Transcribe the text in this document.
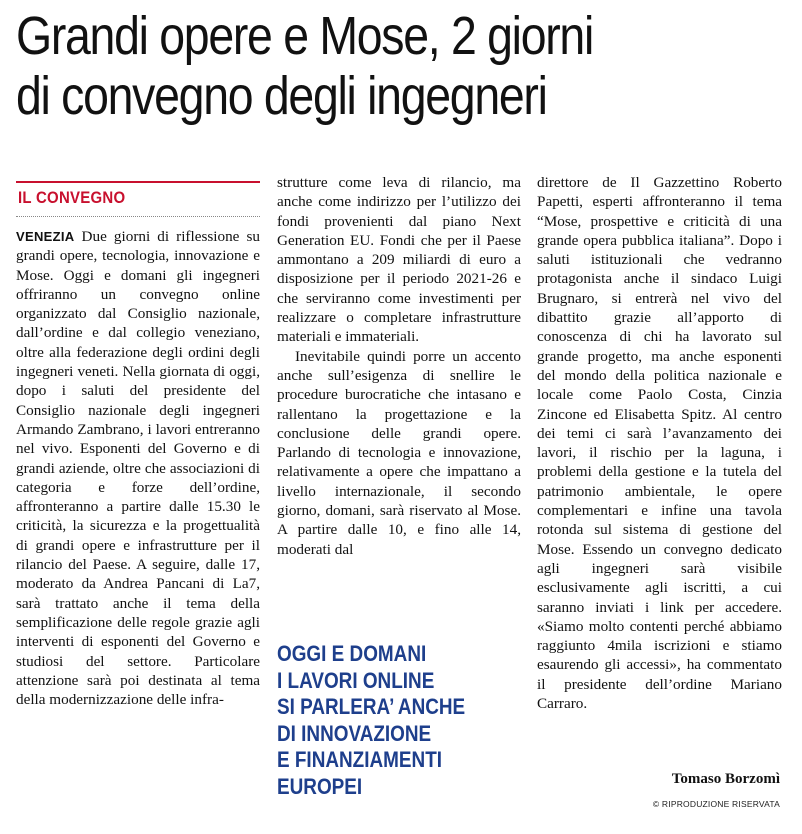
Grandi opere e Mose, 2 giorni
di convegno degli ingegneri
IL CONVEGNO

VENEZIA Due giorni di riflessione su grandi opere, tecnologia, innovazione e Mose. Oggi e domani gli ingegneri offriranno un convegno online organizzato dal Consiglio nazionale, dall’ordine e dal collegio veneziano, oltre alla federazione degli ordini degli ingegneri veneti. Nella giornata di oggi, dopo i saluti del presidente del Consiglio nazionale degli ingegneri Armando Zambrano, i lavori entreranno nel vivo. Esponenti del Governo e di grandi aziende, oltre che associazioni di categoria e forze dell’ordine, affronteranno a partire dalle 15.30 le criticità, la sicurezza e la progettualità di grandi opere e infrastrutture per il rilancio del Paese. A seguire, dalle 17, moderato da Andrea Pancani di La7, sarà trattato anche il tema della semplificazione delle regole grazie agli interventi di esponenti del Governo e studiosi del settore. Particolare attenzione sarà poi destinata al tema della modernizzazione delle infra-

strutture come leva di rilancio, ma anche come indirizzo per l’utilizzo dei fondi provenienti dal piano Next Generation EU. Fondi che per il Paese ammontano a 209 miliardi di euro a disposizione per il periodo 2021-26 e che serviranno come investimenti per realizzare o completare infrastrutture materiali e immateriali.

Inevitabile quindi porre un accento anche sull’esigenza di snellire le procedure burocratiche che intasano e rallentano la progettazione e la conclusione delle grandi opere. Parlando di tecnologia e innovazione, relativamente a opere che impattano a livello internazionale, il secondo giorno, domani, sarà riservato al Mose. A partire dalle 10, e fino alle 14, moderati dal

direttore de Il Gazzettino Roberto Papetti, esperti affronteranno il tema “Mose, prospettive e criticità di una grande opera pubblica italiana”. Dopo i saluti istituzionali che vedranno protagonista anche il sindaco Luigi Brugnaro, si entrerà nel vivo del dibattito grazie all’apporto di conoscenza di chi ha lavorato sul grande progetto, ma anche esponenti del mondo della politica nazionale e locale come Paolo Costa, Cinzia Zincone ed Elisabetta Spitz. Al centro dei temi ci sarà l’avanzamento dei lavori, il rischio per la laguna, i problemi della gestione e la tutela del patrimonio ambientale, le opere complementari e infine una tavola rotonda sul sistema di gestione del Mose. Essendo un convegno dedicato agli ingegneri sarà visibile esclusivamente agli iscritti, a cui saranno inviati i link per accedere. «Siamo molto contenti perché abbiamo raggiunto 4mila iscrizioni e stiamo esaurendo gli accessi», ha commentato il presidente dell’ordine Mariano Carraro.

OGGI E DOMANI
I LAVORI ONLINE
SI PARLERA’ ANCHE
DI INNOVAZIONE
E FINANZIAMENTI
EUROPEI	Tomaso Borzomì
© RIPRODUZIONE RISERVATA
